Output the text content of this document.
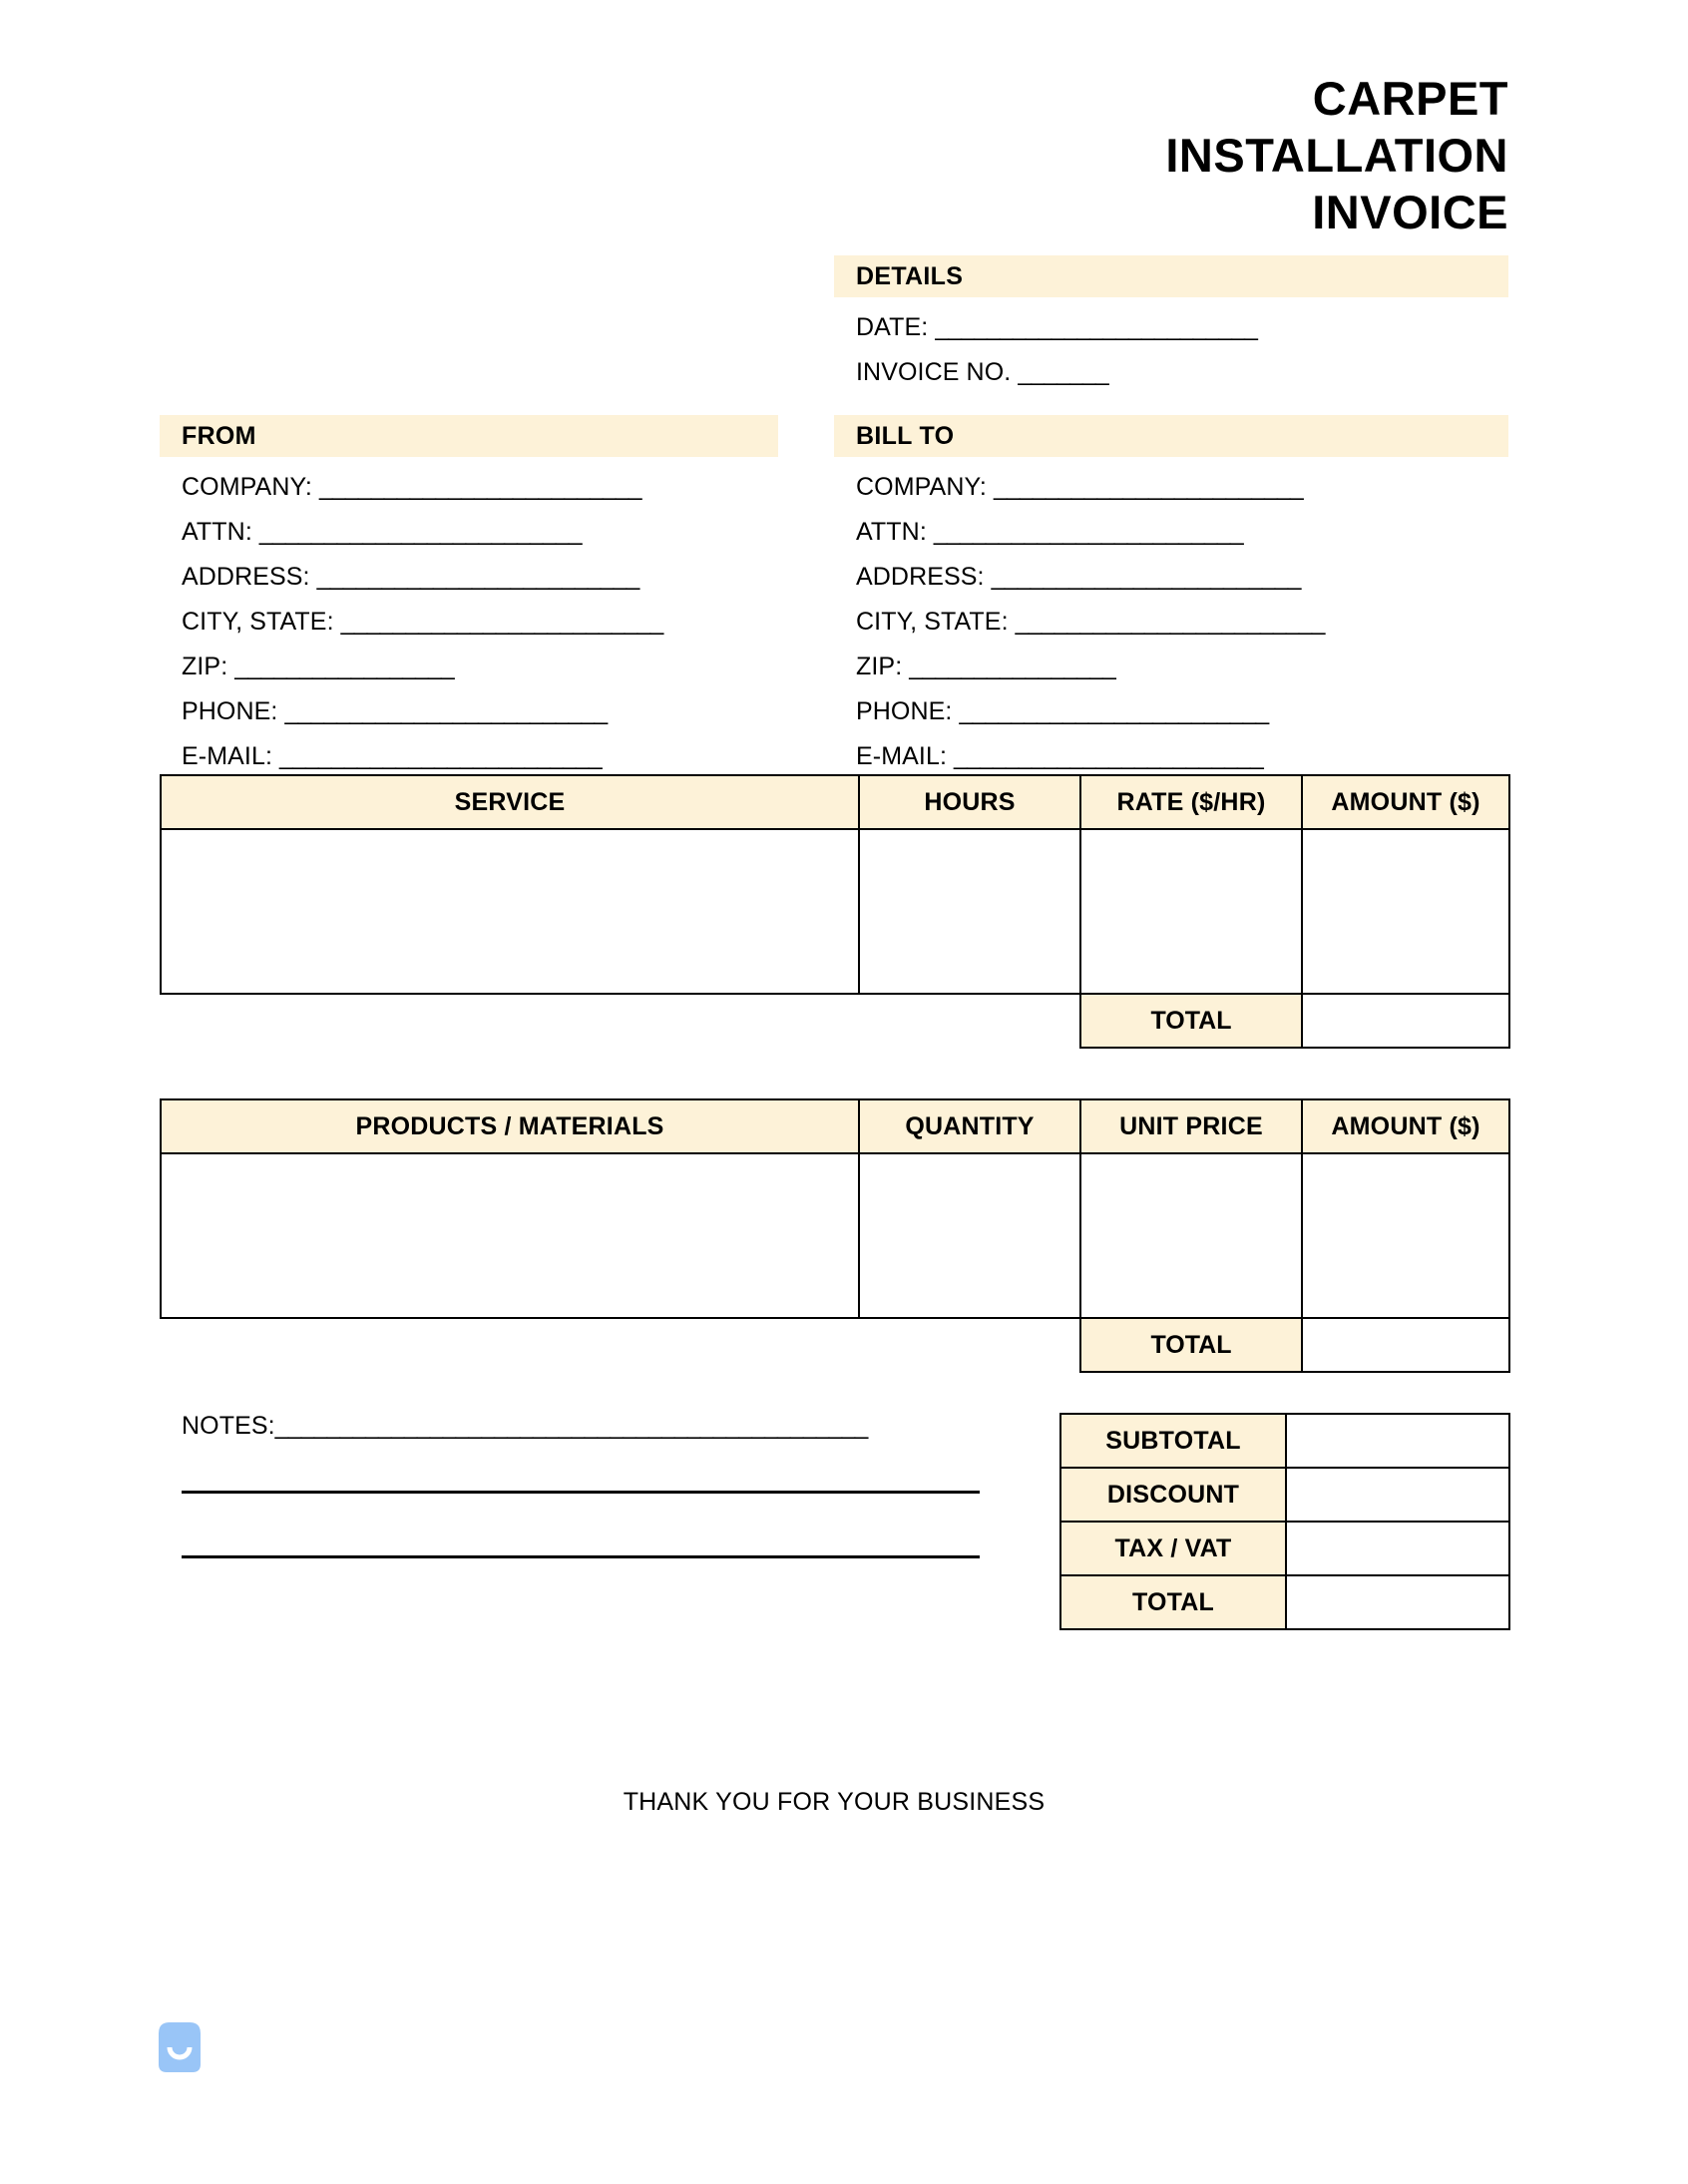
CARPET
INSTALLATION
INVOICE
DETAILS
DATE: _________________________
INVOICE NO. _______
FROM
COMPANY: _________________________
ATTN: _________________________
ADDRESS: _________________________
CITY, STATE: _________________________
ZIP: _________________
PHONE: _________________________
E-MAIL: _________________________
BILL TO
COMPANY: ________________________
ATTN: ________________________
ADDRESS: ________________________
CITY, STATE: ________________________
ZIP: ________________
PHONE: ________________________
E-MAIL: ________________________
SERVICE	HOURS	RATE ($/HR)	AMOUNT ($)

		TOTAL	
PRODUCTS / MATERIALS	QUANTITY	UNIT PRICE	AMOUNT ($)

		TOTAL	
NOTES:______________________________________________
SUBTOTAL	
DISCOUNT	
TAX / VAT	
TOTAL	
THANK YOU FOR YOUR BUSINESS
